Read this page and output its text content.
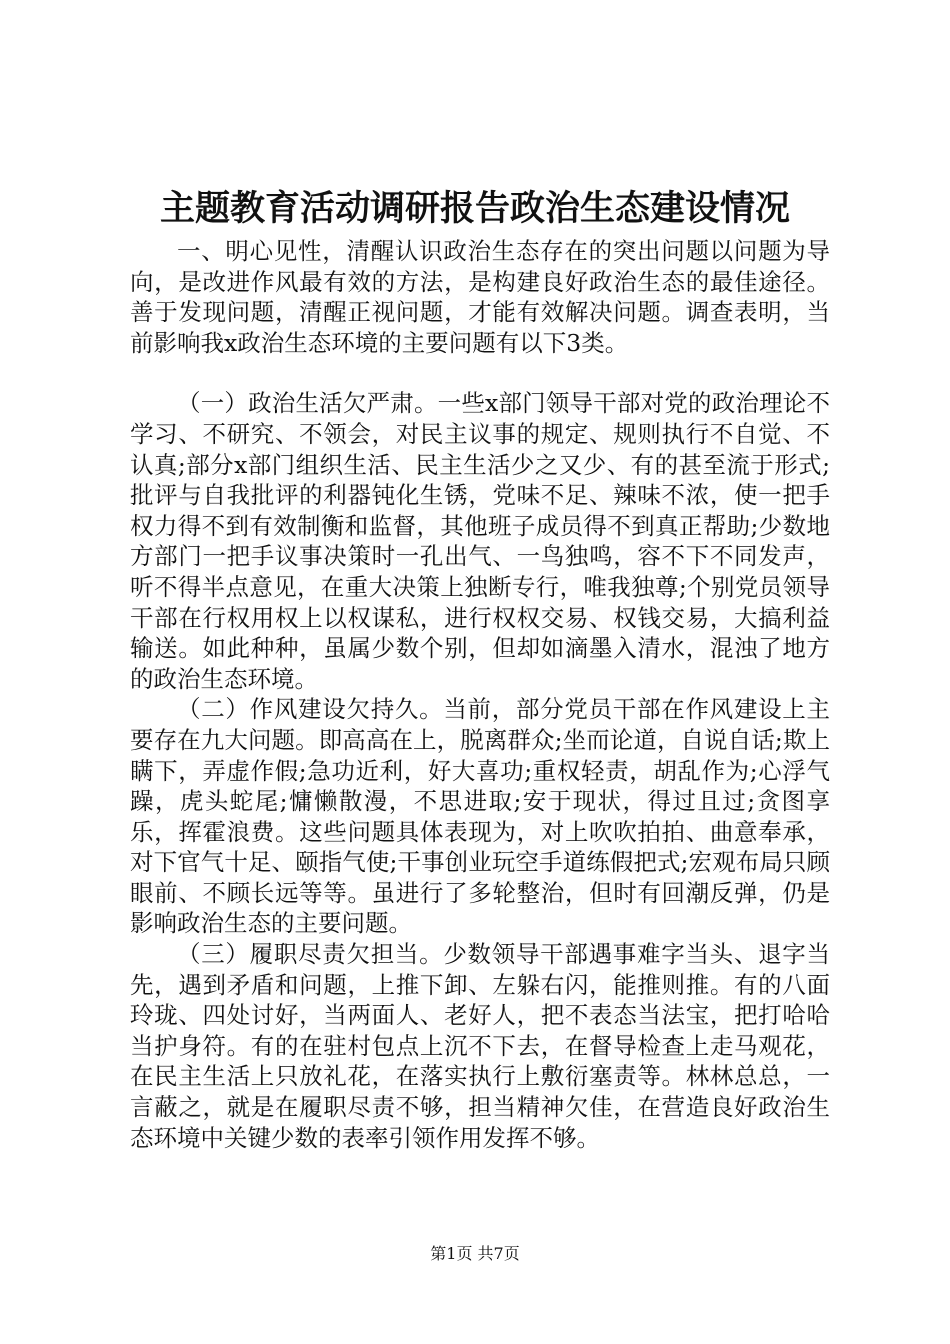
主题教育活动调研报告政治生态建设情况

一、明心见性，清醒认识政治生态存在的突出问题以问题为导向，是改进作风最有效的方法，是构建良好政治生态的最佳途径。善于发现问题，清醒正视问题，才能有效解决问题。调查表明，当前影响我x政治生态环境的主要问题有以下3类。

（一）政治生活欠严肃。一些x部门领导干部对党的政治理论不学习、不研究、不领会，对民主议事的规定、规则执行不自觉、不认真;部分x部门组织生活、民主生活少之又少、有的甚至流于形式;批评与自我批评的利器钝化生锈，党味不足、辣味不浓，使一把手权力得不到有效制衡和监督，其他班子成员得不到真正帮助;少数地方部门一把手议事决策时一孔出气、一鸟独鸣，容不下不同发声，听不得半点意见，在重大决策上独断专行，唯我独尊;个别党员领导干部在行权用权上以权谋私，进行权权交易、权钱交易，大搞利益输送。如此种种，虽属少数个别，但却如滴墨入清水，混浊了地方的政治生态环境。

（二）作风建设欠持久。当前，部分党员干部在作风建设上主要存在九大问题。即高高在上，脱离群众;坐而论道，自说自话;欺上瞒下，弄虚作假;急功近利，好大喜功;重权轻责，胡乱作为;心浮气躁，虎头蛇尾;慵懒散漫，不思进取;安于现状，得过且过;贪图享乐，挥霍浪费。这些问题具体表现为，对上吹吹拍拍、曲意奉承，对下官气十足、颐指气使;干事创业玩空手道练假把式;宏观布局只顾眼前、不顾长远等等。虽进行了多轮整治，但时有回潮反弹，仍是影响政治生态的主要问题。

（三）履职尽责欠担当。少数领导干部遇事难字当头、退字当先，遇到矛盾和问题，上推下卸、左躲右闪，能推则推。有的八面玲珑、四处讨好，当两面人、老好人，把不表态当法宝，把打哈哈当护身符。有的在驻村包点上沉不下去，在督导检查上走马观花，在民主生活上只放礼花，在落实执行上敷衍塞责等。林林总总，一言蔽之，就是在履职尽责不够，担当精神欠佳，在营造良好政治生态环境中关键少数的表率引领作用发挥不够。

第1页 共7页
